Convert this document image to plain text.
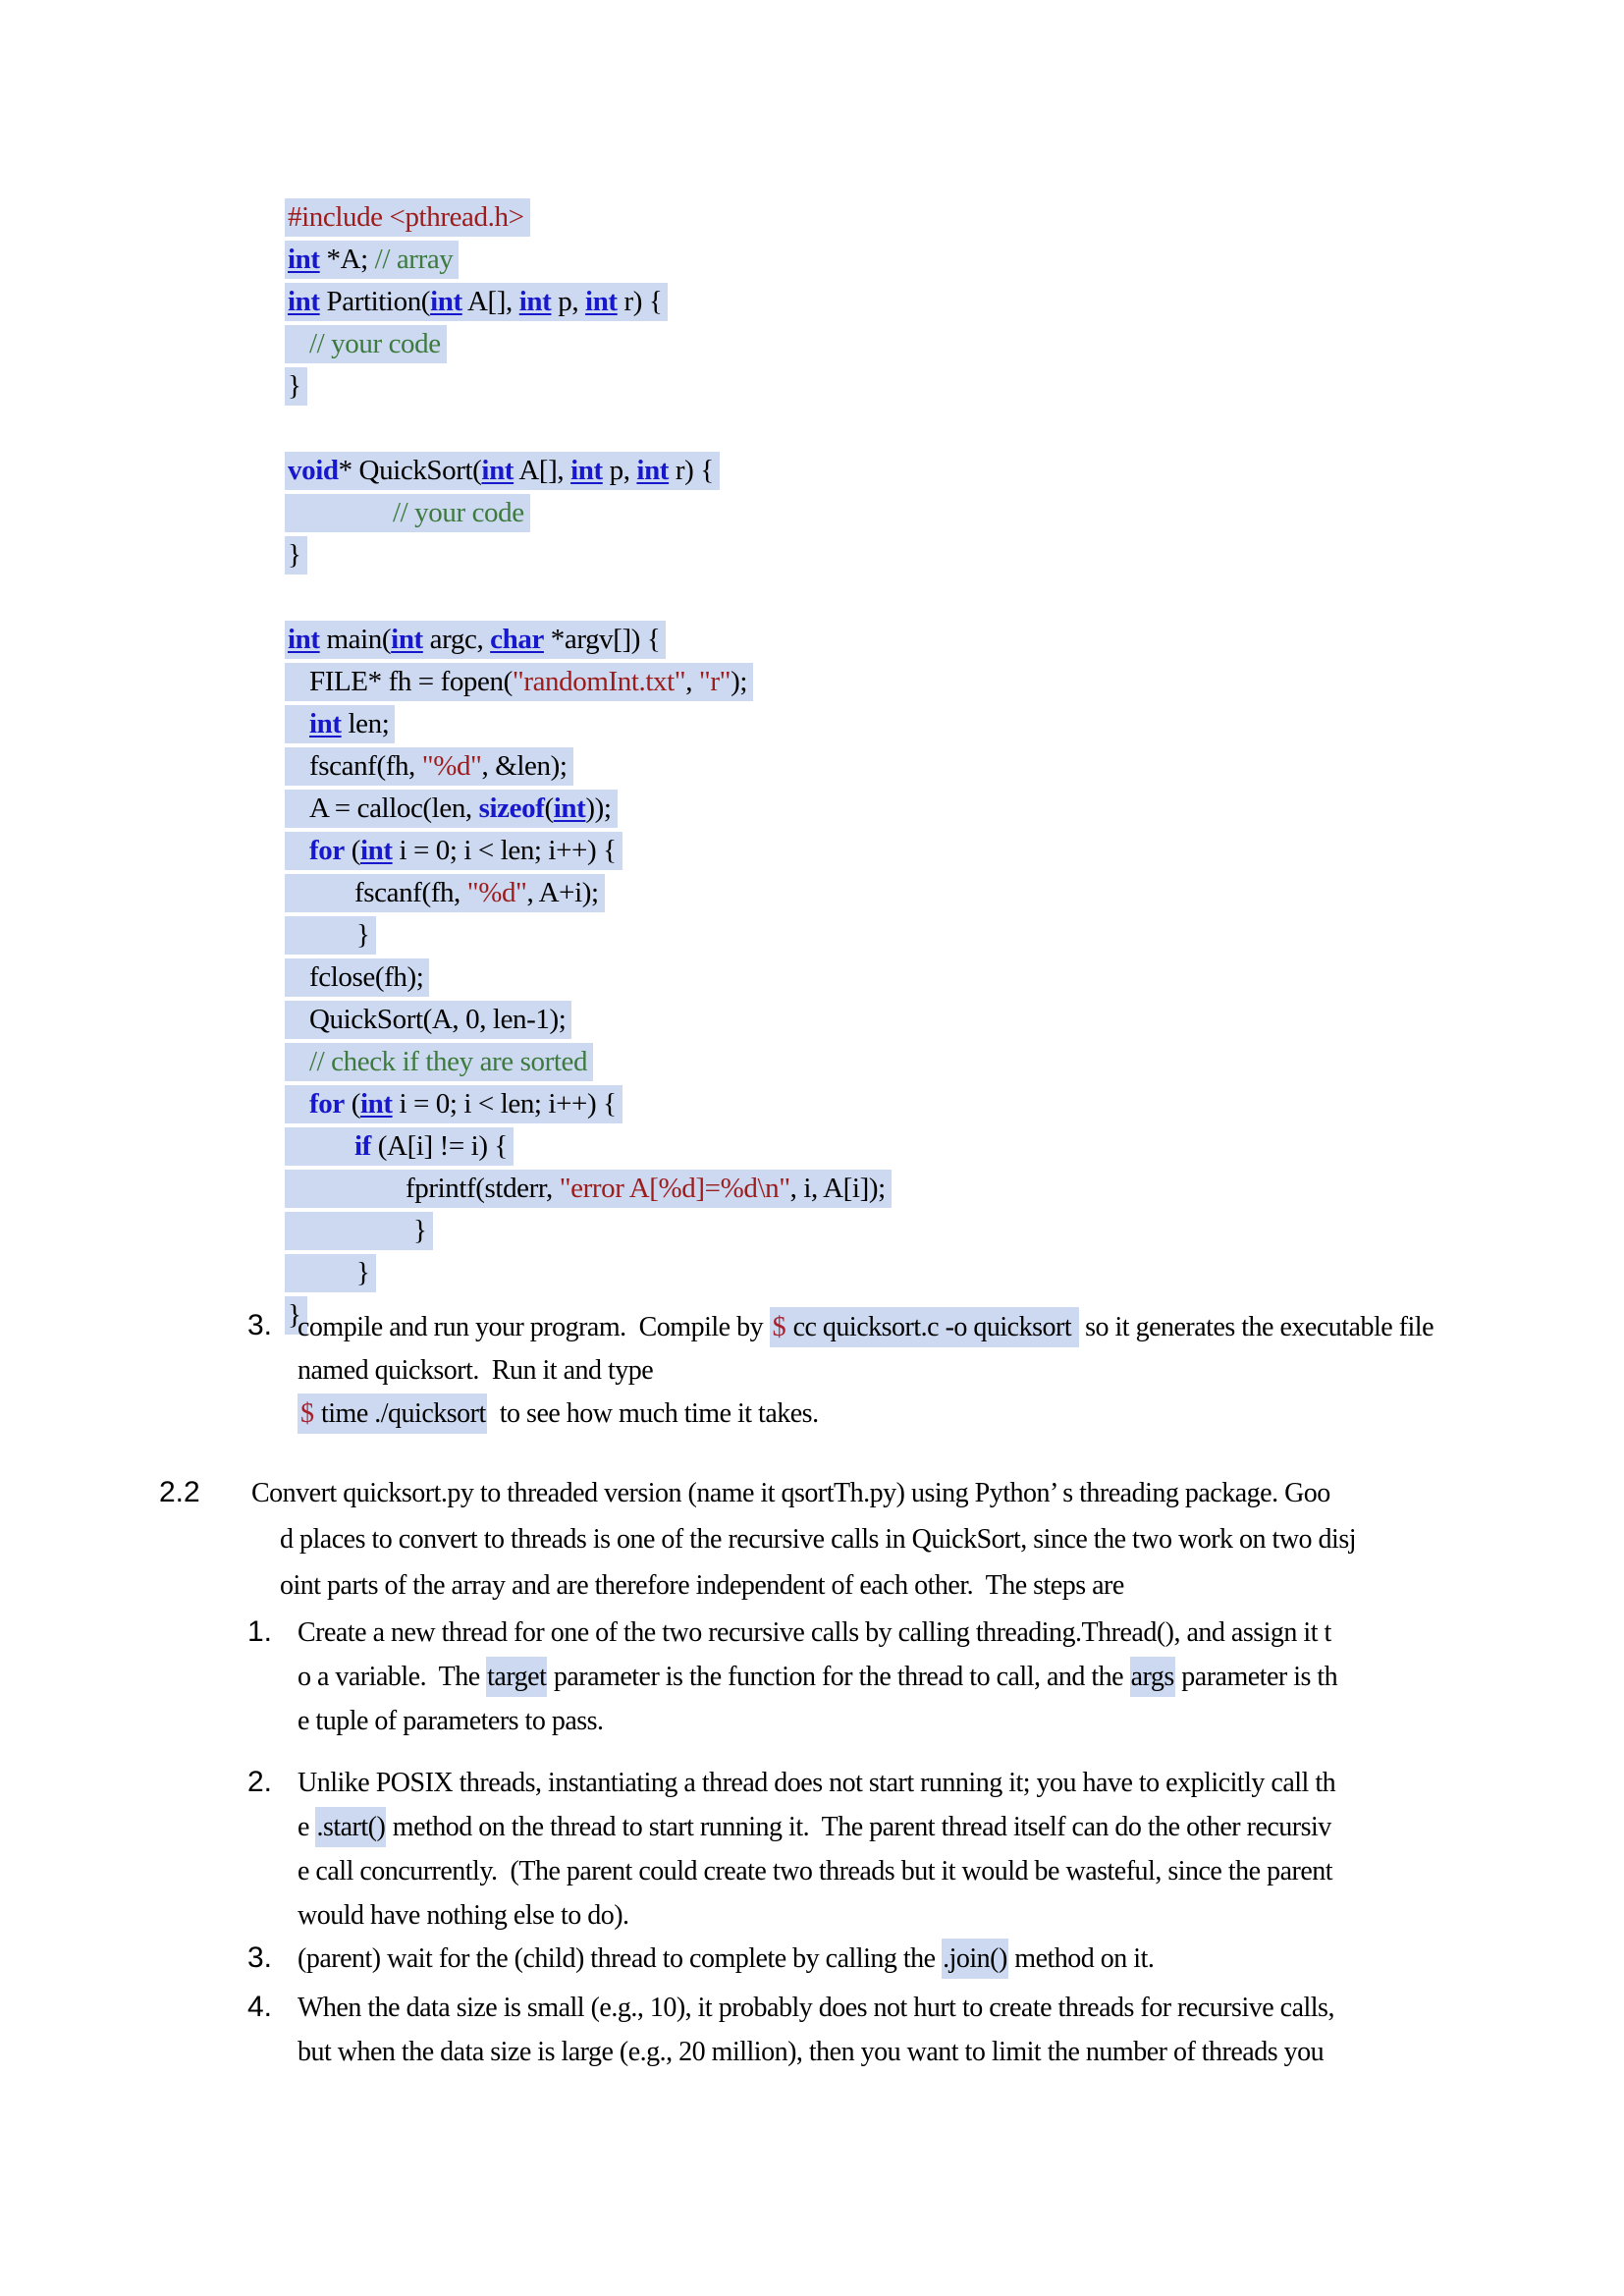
#include <pthread.h>
int *A; // array
int Partition(int A[], int p, int r) {
// your code
}
void* QuickSort(int A[], int p, int r) {
// your code
}
int main(int argc, char *argv[]) {
FILE* fh = fopen("randomInt.txt", "r");
int len;
fscanf(fh, "%d", &len);
A = calloc(len, sizeof(int));
for (int i = 0; i < len; i++) {
fscanf(fh, "%d", A+i);
}
fclose(fh);
QuickSort(A, 0, len-1);
// check if they are sorted
for (int i = 0; i < len; i++) {
if (A[i] != i) {
fprintf(stderr, "error A[%d]=%d\n", i, A[i]);
}
}
}
3. compile and run your program.  Compile by $ cc quicksort.c -o quicksort  so it generates the executable file
named quicksort.  Run it and type
$ time ./quicksort  to see how much time it takes.
2.2 Convert quicksort.py to threaded version (name it qsortTh.py) using Python’ s threading package. Goo
d places to convert to threads is one of the recursive calls in QuickSort, since the two work on two disj
oint parts of the array and are therefore independent of each other.  The steps are
1. Create a new thread for one of the two recursive calls by calling threading.Thread(), and assign it t
o a variable.  The target parameter is the function for the thread to call, and the args parameter is th
e tuple of parameters to pass.
2. Unlike POSIX threads, instantiating a thread does not start running it; you have to explicitly call th
e .start() method on the thread to start running it.  The parent thread itself can do the other recursiv
e call concurrently.  (The parent could create two threads but it would be wasteful, since the parent
would have nothing else to do).
3. (parent) wait for the (child) thread to complete by calling the .join() method on it.
4. When the data size is small (e.g., 10), it probably does not hurt to create threads for recursive calls,
but when the data size is large (e.g., 20 million), then you want to limit the number of threads you
